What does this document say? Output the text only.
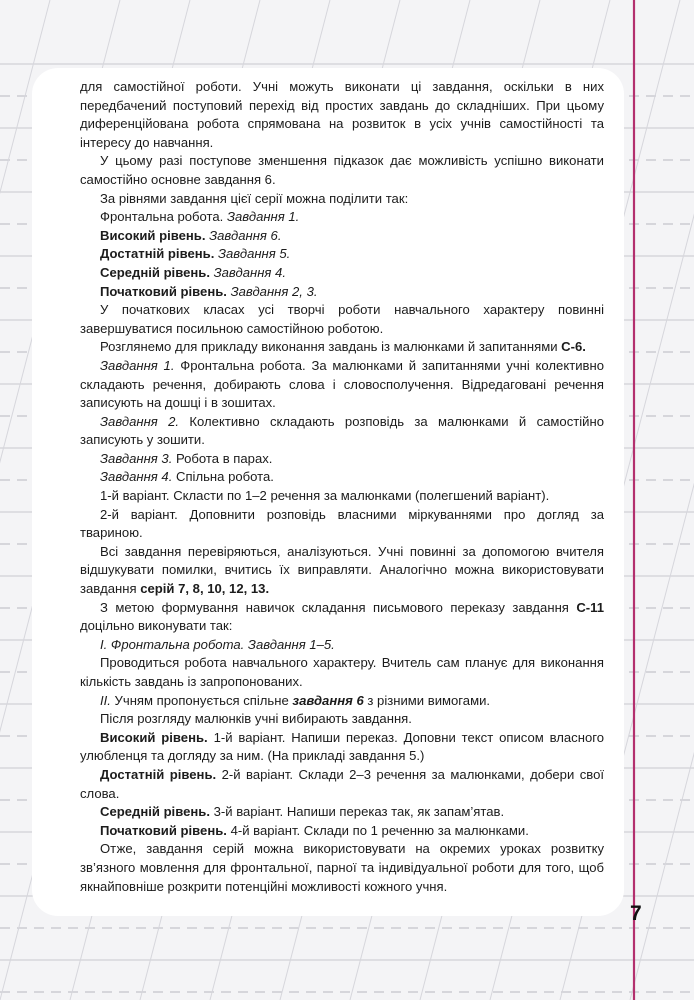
для самостійної роботи. Учні можуть виконати ці завдання, оскільки в них передбачений поступовий перехід від простих завдань до складніших. При цьому диференційована робота спрямована на розвиток в усіх учнів самостійності та інтересу до навчання.

У цьому разі поступове зменшення підказок дає можливість успішно виконати самостійно основне завдання 6.

За рівнями завдання цієї серії можна поділити так:

Фронтальна робота. Завдання 1.

Високий рівень. Завдання 6.

Достатній рівень. Завдання 5.

Середній рівень. Завдання 4.

Початковий рівень. Завдання 2, 3.

У початкових класах усі творчі роботи навчального характеру повинні завершуватися посильною самостійною роботою.

Розглянемо для прикладу виконання завдань із малюнками й запитаннями С-6.

Завдання 1. Фронтальна робота. За малюнками й запитаннями учні колективно складають речення, добирають слова і словосполучення. Відредаговані речення записують на дошці і в зошитах.

Завдання 2. Колективно складають розповідь за малюнками й самостійно записують у зошити.

Завдання 3. Робота в парах.

Завдання 4. Спільна робота.

1-й варіант. Скласти по 1–2 речення за малюнками (полегшений варіант).

2-й варіант. Доповнити розповідь власними міркуваннями про догляд за твариною.

Всі завдання перевіряються, аналізуються. Учні повинні за допомогою вчителя відшукувати помилки, вчитись їх виправляти. Аналогічно можна використовувати завдання серій 7, 8, 10, 12, 13.

З метою формування навичок складання письмового переказу завдання С-11 доцільно виконувати так:

I. Фронтальна робота. Завдання 1–5.

Проводиться робота навчального характеру. Вчитель сам планує для виконання кількість завдань із запропонованих.

II. Учням пропонується спільне завдання 6 з різними вимогами.

Після розгляду малюнків учні вибирають завдання.

Високий рівень. 1-й варіант. Напиши переказ. Доповни текст описом власного улюбленця та догляду за ним. (На прикладі завдання 5.)

Достатній рівень. 2-й варіант. Склади 2–3 речення за малюнками, добери свої слова.

Середній рівень. 3-й варіант. Напиши переказ так, як запам’ятав.

Початковий рівень. 4-й варіант. Склади по 1 реченню за малюнками.

Отже, завдання серій можна використовувати на окремих уроках розвитку зв’язного мовлення для фронтальної, парної та індивідуальної роботи для того, щоб якнайповніше розкрити потенційні можливості кожного учня.

7
